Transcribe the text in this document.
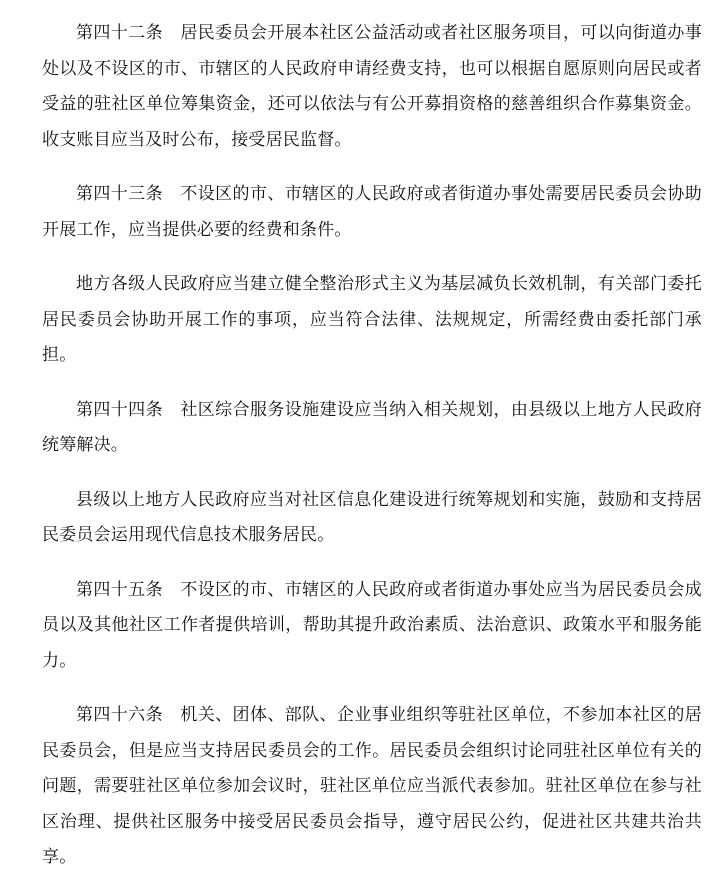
第四十二条　居民委员会开展本社区公益活动或者社区服务项目，可以向街道办事处以及不设区的市、市辖区的人民政府申请经费支持，也可以根据自愿原则向居民或者受益的驻社区单位筹集资金，还可以依法与有公开募捐资格的慈善组织合作募集资金。收支账目应当及时公布，接受居民监督。

第四十三条　不设区的市、市辖区的人民政府或者街道办事处需要居民委员会协助开展工作，应当提供必要的经费和条件。

地方各级人民政府应当建立健全整治形式主义为基层减负长效机制，有关部门委托居民委员会协助开展工作的事项，应当符合法律、法规规定，所需经费由委托部门承担。

第四十四条　社区综合服务设施建设应当纳入相关规划，由县级以上地方人民政府统筹解决。

县级以上地方人民政府应当对社区信息化建设进行统筹规划和实施，鼓励和支持居民委员会运用现代信息技术服务居民。

第四十五条　不设区的市、市辖区的人民政府或者街道办事处应当为居民委员会成员以及其他社区工作者提供培训，帮助其提升政治素质、法治意识、政策水平和服务能力。

第四十六条　机关、团体、部队、企业事业组织等驻社区单位，不参加本社区的居民委员会，但是应当支持居民委员会的工作。居民委员会组织讨论同驻社区单位有关的问题，需要驻社区单位参加会议时，驻社区单位应当派代表参加。驻社区单位在参与社区治理、提供社区服务中接受居民委员会指导，遵守居民公约，促进社区共建共治共享。
